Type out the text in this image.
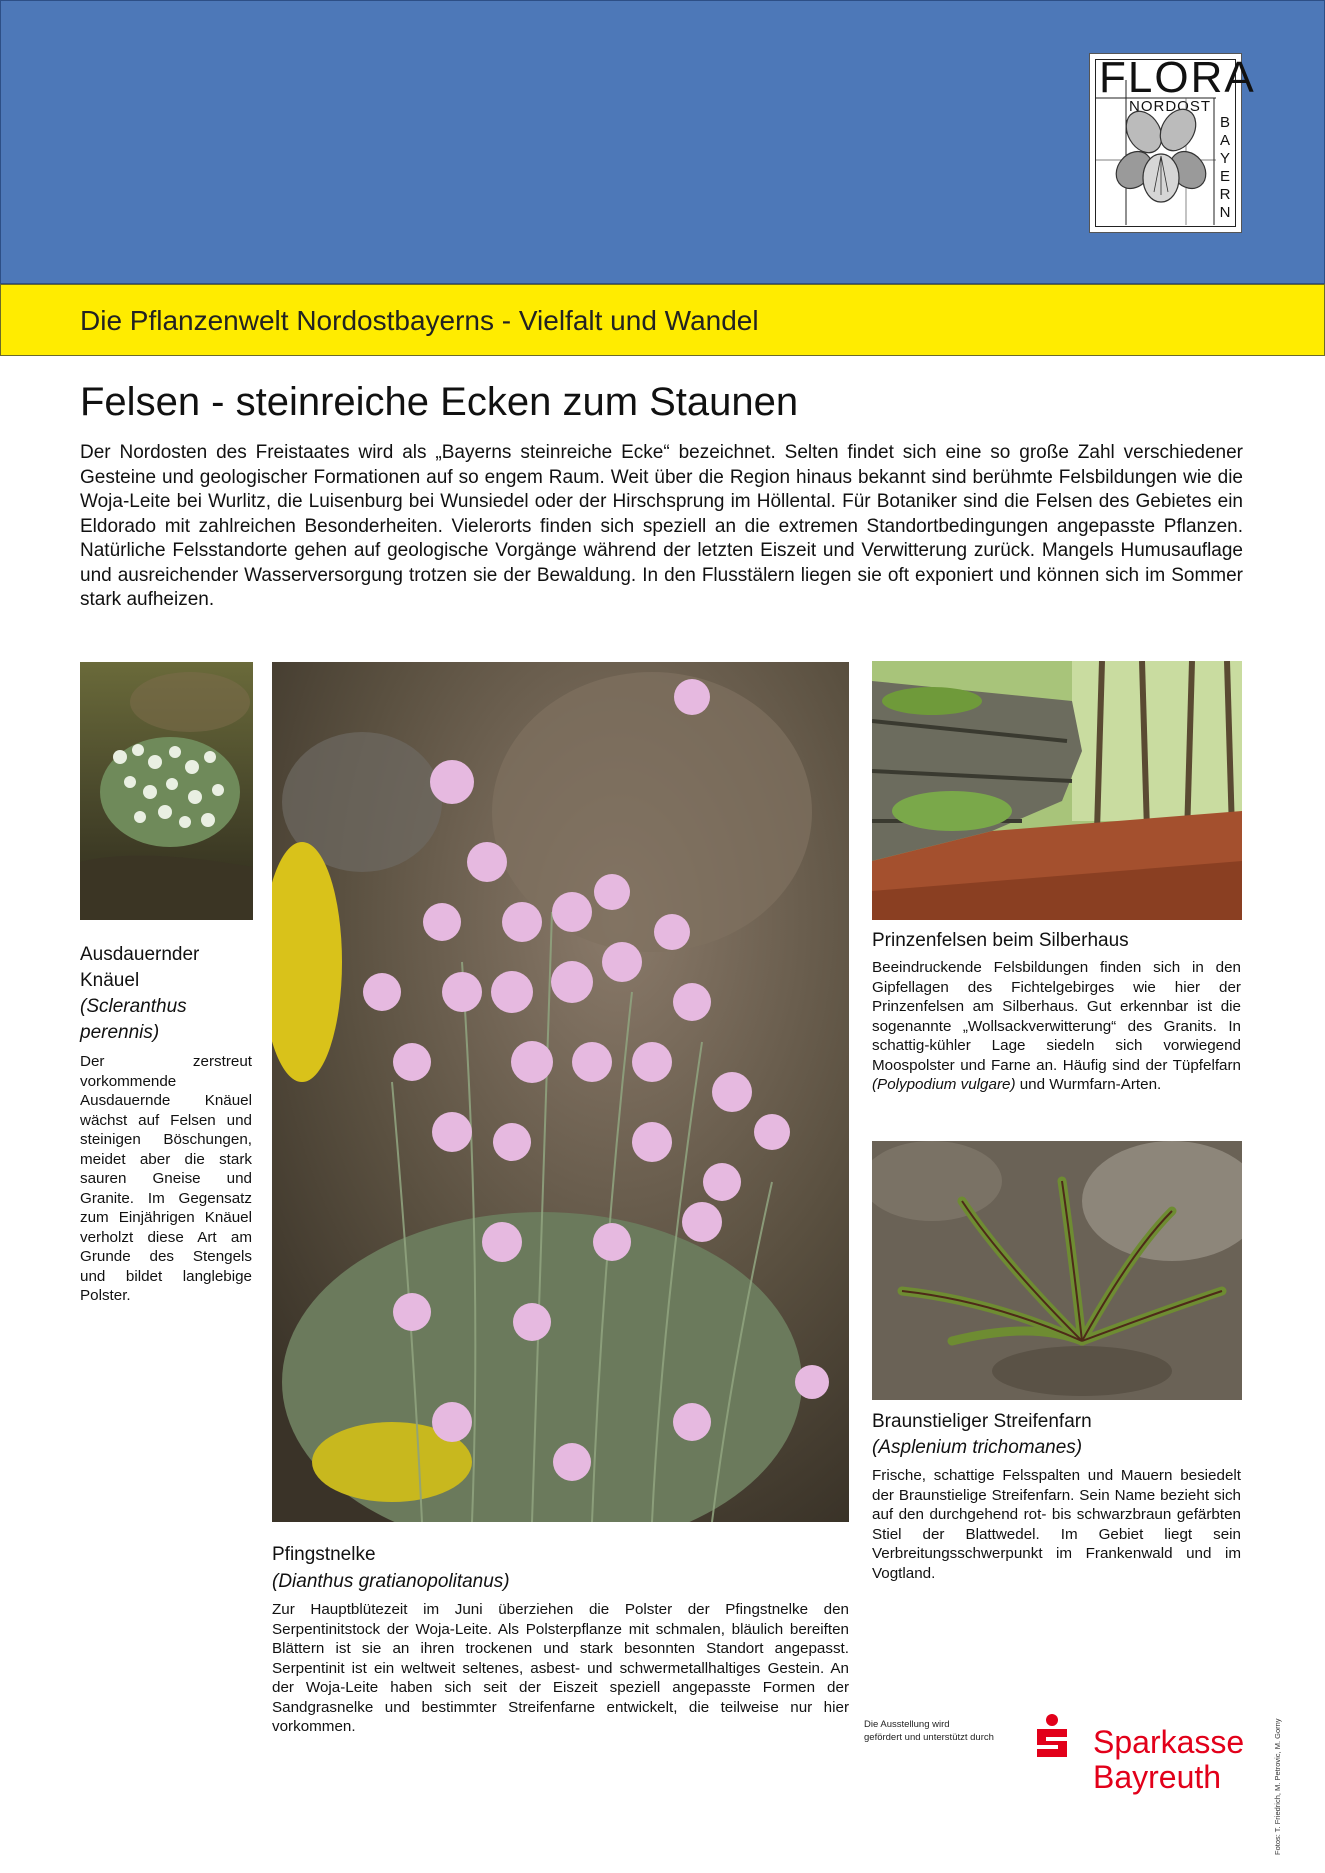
FLORA
NORDOST
B
A
Y
E
R
N
Die Pflanzenwelt Nordostbayerns - Vielfalt und Wandel
Felsen - steinreiche Ecken zum Staunen
Der Nordosten des Freistaates wird als „Bayerns steinreiche Ecke“ bezeichnet. Selten findet sich eine so große Zahl verschiedener Gesteine und geologischer Formationen auf so engem Raum. Weit über die Region hinaus bekannt sind berühmte Felsbildungen wie die Woja-Leite bei Wurlitz, die Luisenburg bei Wunsiedel oder der Hirschsprung im Höllental. Für Botaniker sind die Felsen des Gebietes ein Eldorado mit zahlreichen Besonderheiten. Vielerorts finden sich speziell an die extremen Standortbedingungen angepasste Pflanzen. Natürliche Felsstandorte gehen auf geologische Vorgänge während der letzten Eiszeit und Verwitterung zurück. Mangels Humusauflage und ausreichender Wasserversorgung trotzen sie der Bewaldung. In den Flusstälern liegen sie oft exponiert und können sich im Sommer stark aufheizen.
Ausdauernder
Knäuel
(Scleranthus
perennis)
Der zerstreut vorkommende Ausdauernde Knäuel wächst auf Felsen und steinigen Böschungen, meidet aber die stark sauren Gneise und Granite. Im Gegensatz zum Einjährigen Knäuel verholzt diese Art am Grunde des Stengels und bildet langlebige Polster.
Prinzenfelsen beim Silberhaus
Beeindruckende Felsbildungen finden sich in den Gipfellagen des Fichtelgebirges wie hier der Prinzenfelsen am Silberhaus. Gut erkennbar ist die sogenannte „Wollsackverwitterung“ des Granits. In schattig-kühler Lage siedeln sich vorwiegend Moospolster und Farne an. Häufig sind der Tüpfelfarn (Polypodium vulgare) und Wurmfarn-Arten.
Braunstieliger Streifenfarn
(Asplenium trichomanes)
Frische, schattige Felsspalten und Mauern besiedelt der Braunstielige Streifenfarn. Sein Name bezieht sich auf den durchgehend rot- bis schwarzbraun gefärbten Stiel der Blattwedel. Im Gebiet liegt sein Verbreitungsschwerpunkt im Frankenwald und im Vogtland.
Pfingstnelke
(Dianthus gratianopolitanus)
Zur Hauptblütezeit im Juni überziehen die Polster der Pfingstnelke den Serpentinitstock der Woja-Leite. Als Polsterpflanze mit schmalen, bläulich bereiften Blättern ist sie an ihren trockenen und stark besonnten Standort angepasst. Serpentinit ist ein weltweit seltenes, asbest- und schwermetallhaltiges Gestein. An der Woja-Leite haben sich seit der Eiszeit speziell angepasste Formen der Sandgrasnelke und bestimmter Streifenfarne entwickelt, die teilweise nur hier vorkommen.	Die Ausstellung wird
gefördert und unterstützt durch	Sparkasse
Bayreuth	Fotos: T. Friedrich, M. Petrovic, M. Gorny
